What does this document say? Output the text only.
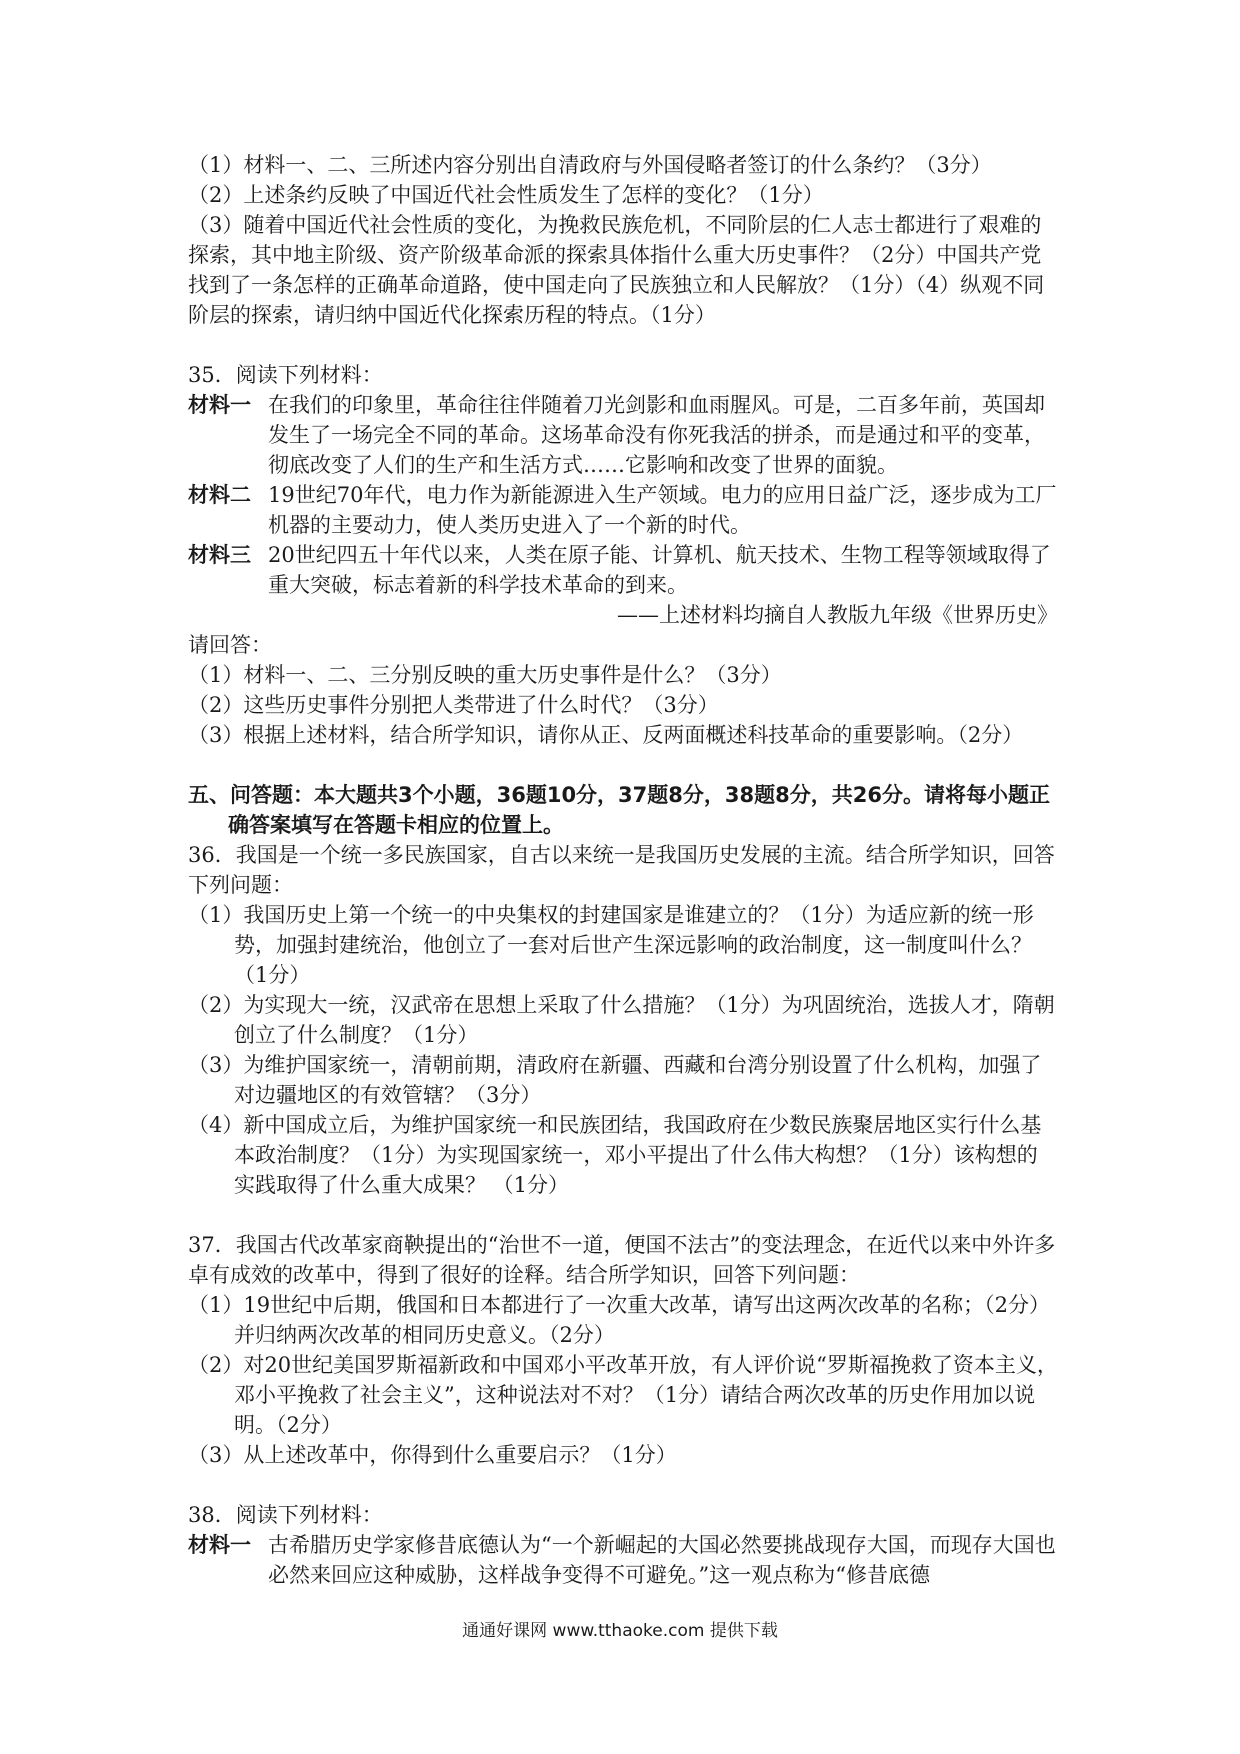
（1）材料一、二、三所述内容分别出自清政府与外国侵略者签订的什么条约？（3分）

（2）上述条约反映了中国近代社会性质发生了怎样的变化？（1分）

（3）随着中国近代社会性质的变化，为挽救民族危机，不同阶层的仁人志士都进行了艰难的探索，其中地主阶级、资产阶级革命派的探索具体指什么重大历史事件？（2分）中国共产党找到了一条怎样的正确革命道路，使中国走向了民族独立和人民解放？（1分）（4）纵观不同阶层的探索，请归纳中国近代化探索历程的特点。（1分）

35．阅读下列材料：

材料一 在我们的印象里，革命往往伴随着刀光剑影和血雨腥风。可是，二百多年前，英国却发生了一场完全不同的革命。这场革命没有你死我活的拼杀，而是通过和平的变革，彻底改变了人们的生产和生活方式……它影响和改变了世界的面貌。
材料二 19世纪70年代，电力作为新能源进入生产领域。电力的应用日益广泛，逐步成为工厂机器的主要动力，使人类历史进入了一个新的时代。
材料三 20世纪四五十年代以来，人类在原子能、计算机、航天技术、生物工程等领域取得了重大突破，标志着新的科学技术革命的到来。

——上述材料均摘自人教版九年级《世界历史》

请回答：

（1）材料一、二、三分别反映的重大历史事件是什么？（3分）

（2）这些历史事件分别把人类带进了什么时代？（3分）

（3）根据上述材料，结合所学知识，请你从正、反两面概述科技革命的重要影响。（2分）

五、问答题：本大题共3个小题，36题10分，37题8分，38题8分，共26分。请将每小题正确答案填写在答题卡相应的位置上。

36．我国是一个统一多民族国家，自古以来统一是我国历史发展的主流。结合所学知识，回答下列问题：

（1）我国历史上第一个统一的中央集权的封建国家是谁建立的？（1分）为适应新的统一形势，加强封建统治，他创立了一套对后世产生深远影响的政治制度，这一制度叫什么？（1分）

（2）为实现大一统，汉武帝在思想上采取了什么措施？（1分）为巩固统治，选拔人才，隋朝创立了什么制度？（1分）

（3）为维护国家统一，清朝前期，清政府在新疆、西藏和台湾分别设置了什么机构，加强了对边疆地区的有效管辖？（3分）

（4）新中国成立后，为维护国家统一和民族团结，我国政府在少数民族聚居地区实行什么基本政治制度？（1分）为实现国家统一，邓小平提出了什么伟大构想？（1分）该构想的实践取得了什么重大成果？ （1分）

37．我国古代改革家商鞅提出的“治世不一道，便国不法古”的变法理念，在近代以来中外许多卓有成效的改革中，得到了很好的诠释。结合所学知识，回答下列问题：

（1）19世纪中后期，俄国和日本都进行了一次重大改革，请写出这两次改革的名称；（2分）并归纳两次改革的相同历史意义。（2分）

（2）对20世纪美国罗斯福新政和中国邓小平改革开放，有人评价说“罗斯福挽救了资本主义，邓小平挽救了社会主义”，这种说法对不对？（1分）请结合两次改革的历史作用加以说明。（2分）

（3）从上述改革中，你得到什么重要启示？（1分）

38．阅读下列材料：

材料一 古希腊历史学家修昔底德认为“一个新崛起的大国必然要挑战现存大国，而现存大国也必然来回应这种威胁，这样战争变得不可避免。”这一观点称为“修昔底德
通通好课网 www.tthaoke.com 提供下载
